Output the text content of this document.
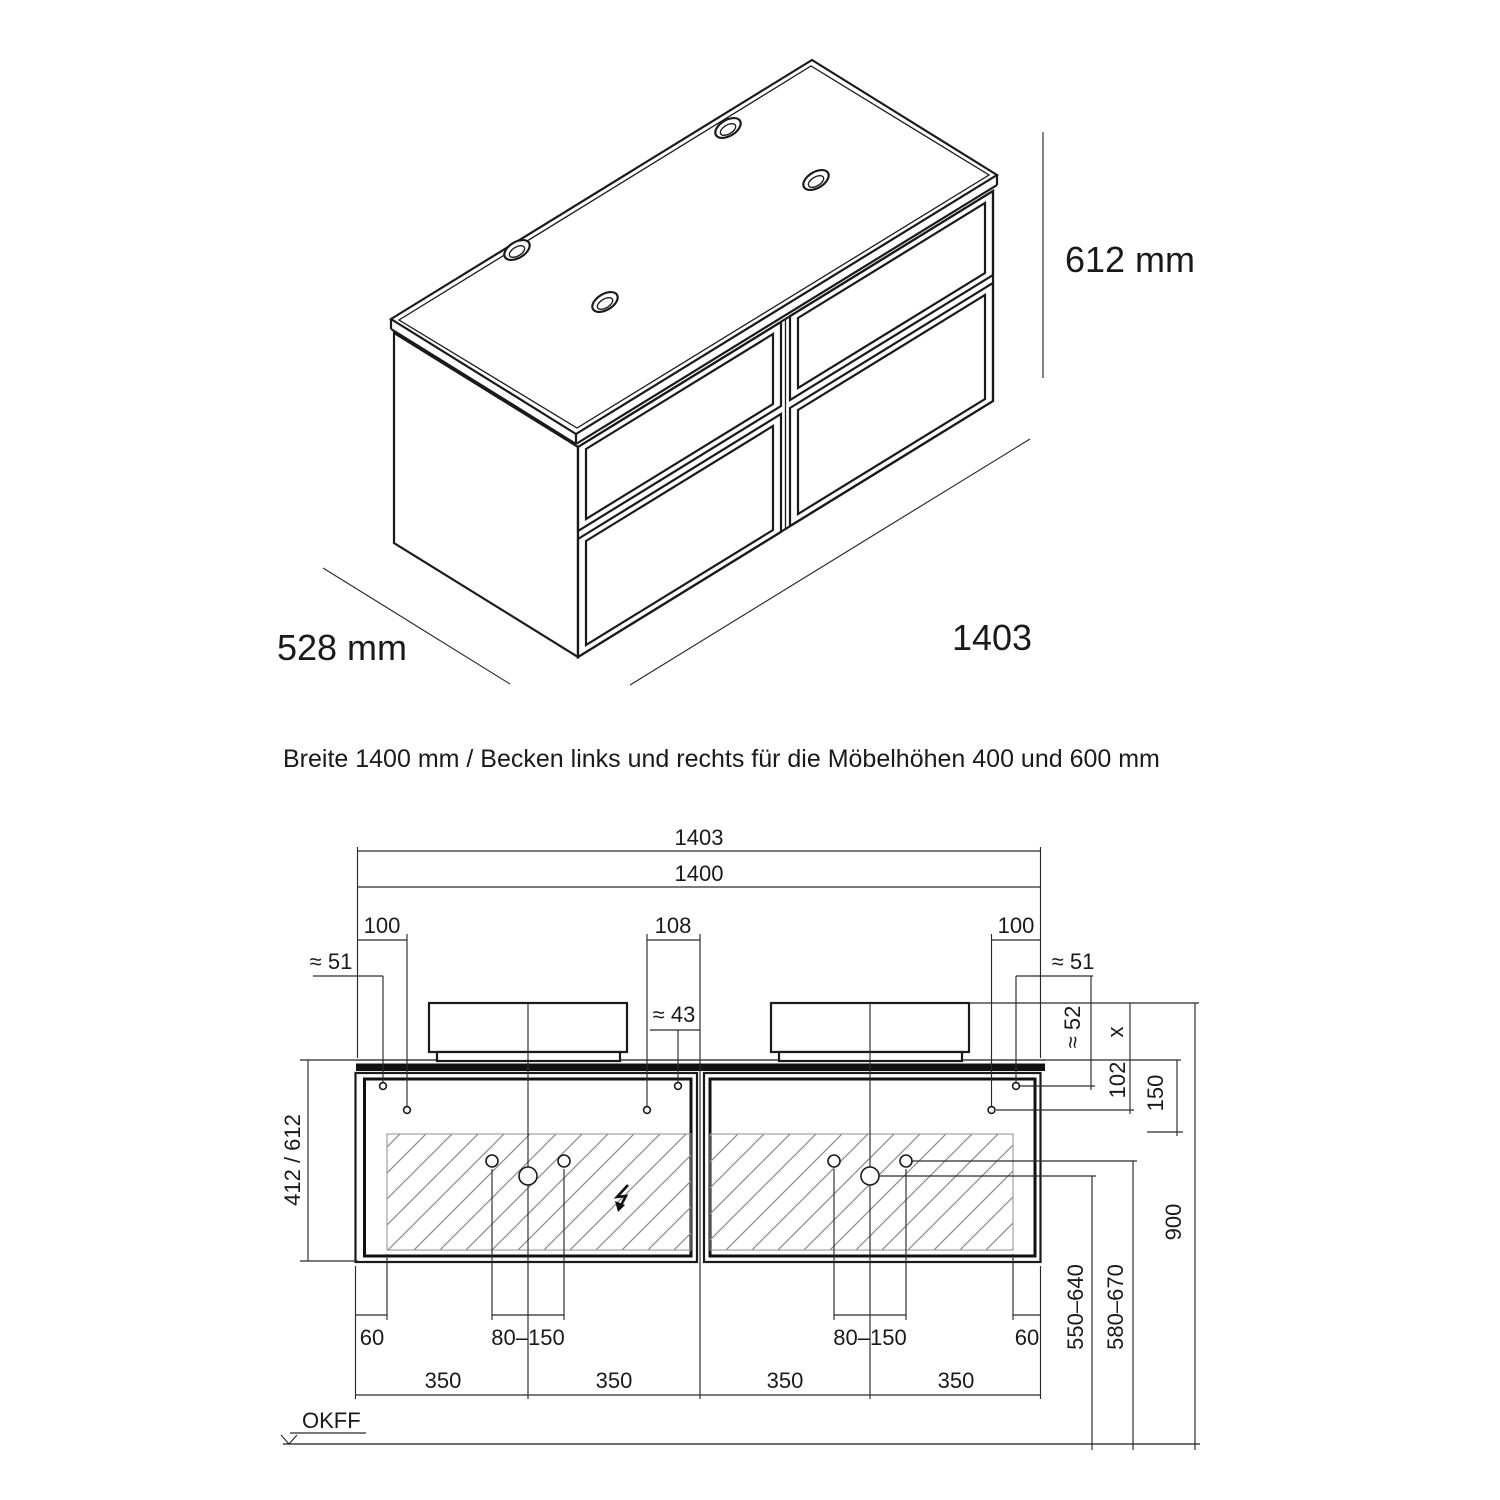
612 mm
528 mm	1403
Breite 1400 mm / Becken links und rechts für die Möbelhöhen 400 und 600 mm
1403
1400
100	108	100
≈ 51
≈ 43
≈ 51
≈ 52 x
102 150
900
550–640 580–670
412 / 612
60	80–150	80–150	60
350	350	350	350
OKFF
